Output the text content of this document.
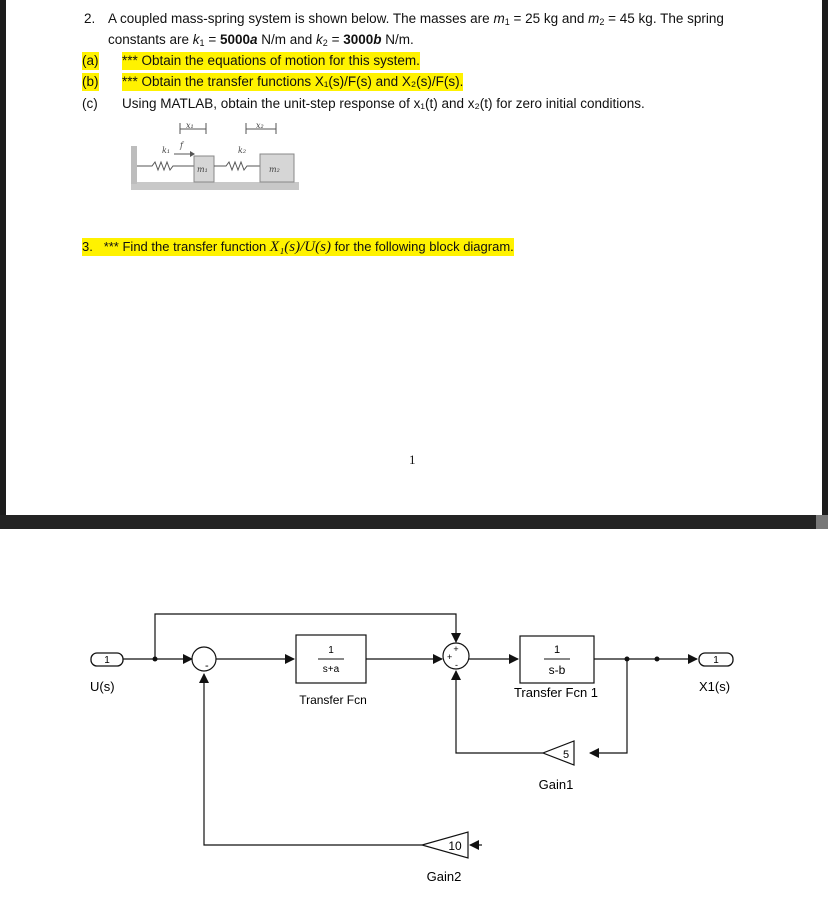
2. A coupled mass-spring system is shown below. The masses are $m_1 = 25$ kg and $m_2 = 45$ kg. The spring
constants are $k_1 = 5000a$ N/m and $k_2 = 3000b$ N/m.
(a) *** Obtain the equations of motion for this system.
(b) *** Obtain the transfer functions X₁(s)/F(s) and X₂(s)/F(s).
(c) Using MATLAB, obtain the unit-step response of x₁(t) and x₂(t) for zero initial conditions.
x₁	x₂
f
k₁
m₁
k₂
m₂
3. *** Find the transfer function X₁(s)/U(s) for the following block diagram.
1
1
U(s)
-
1
s+a
Transfer Fcn
+
+
-
1
s-b
Transfer Fcn 1
1
X1(s)
5
Gain1
10
Gain2
